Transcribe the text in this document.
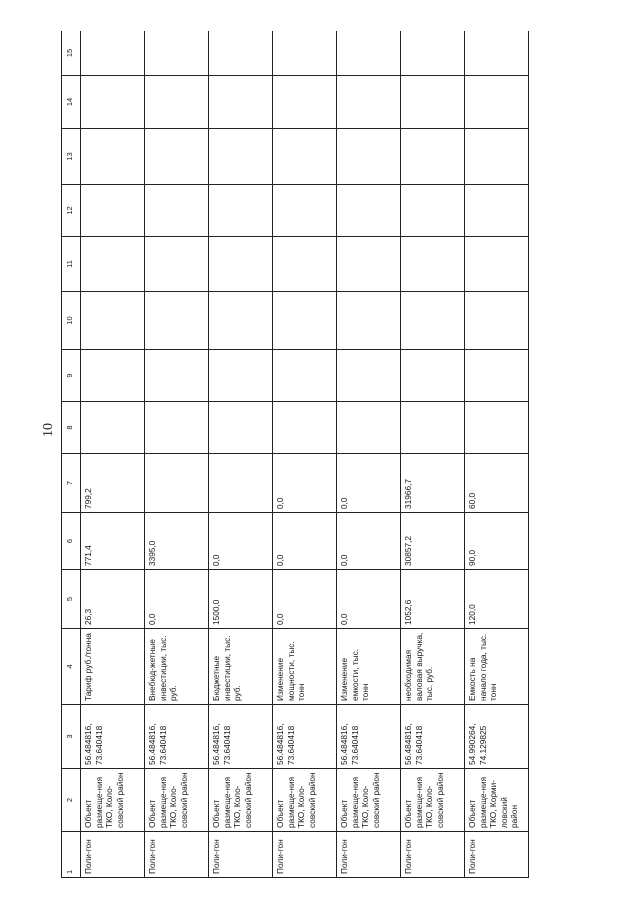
10
1	2	3	4	5	6	7	8	9	10	11	12	13	14	15
Поли-гон	Объект размеще-ния ТКО, Коло-совский район	56.484816, 73.640418	Тариф руб./тонна	26,3	771,4	799,2								
Поли-гон	Объект размеще-ния ТКО, Коло-совский район	56.484816, 73.640418	Внебюд-жетные инвестиции, тыс. руб.	0,0	3395,0									
Поли-гон	Объект размеще-ния ТКО, Коло-совский район	56.484816, 73.640418	Бюджетные инвестиции, тыс. руб.	1500,0	0,0									
Поли-гон	Объект размеще-ния ТКО, Коло-совский район	56.484816, 73.640418	Изменение мощности, тыс. тонн	0,0	0,0	0,0								
Поли-гон	Объект размеще-ния ТКО, Коло-совский район	56.484816, 73.640418	Изменение емкости, тыс. тонн	0,0	0,0	0,0								
Поли-гон	Объект размеще-ния ТКО, Коло-совский район	56.484816, 73.640418	необходимая валовая выручка, тыс. руб.	1052,6	30857,2	31966,7								
Поли-гон	Объект размеще-ния ТКО, Корми-ловский район	54.990264, 74.129825	Емкость на начало года, тыс. тонн	120,0	90,0	60,0								
